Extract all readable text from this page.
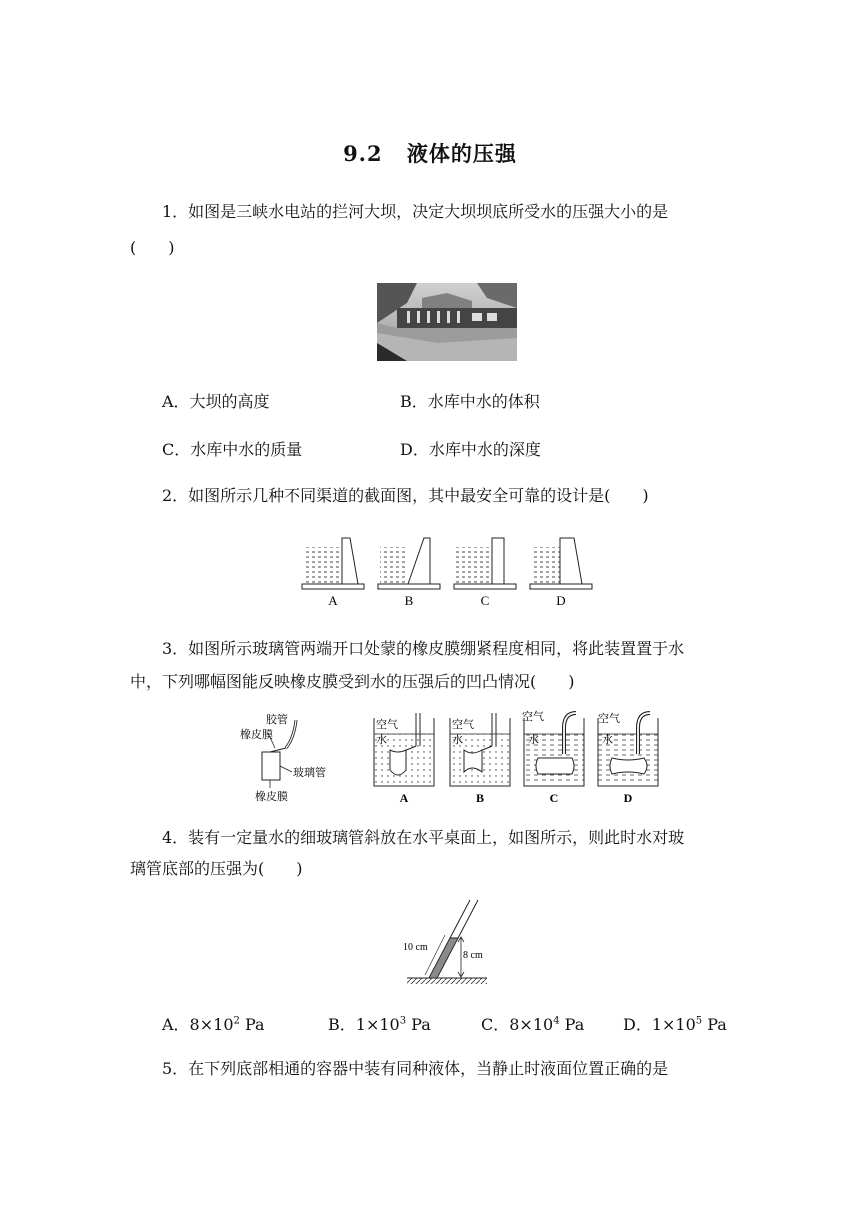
9.2 液体的压强
1．如图是三峡水电站的拦河大坝，决定大坝坝底所受水的压强大小的是
(　　)
A．大坝的高度	B．水库中水的体积
C．水库中水的质量	D．水库中水的深度
2．如图所示几种不同渠道的截面图，其中最安全可靠的设计是(　　)
A	B	C	D
3．如图所示玻璃管两端开口处蒙的橡皮膜绷紧程度相同，将此装置置于水
中，下列哪幅图能反映橡皮膜受到水的压强后的凹凸情况(　　)
胶管
橡皮膜
玻璃管
橡皮膜
空气
水
空气
水
空气
水
空气
水
A	B	C	D
4．装有一定量水的细玻璃管斜放在水平桌面上，如图所示，则此时水对玻
璃管底部的压强为(　　)
8 cm
10 cm
A．$8\times 10^2$ Pa	B．$1\times 10^3$ Pa	C．$8\times 10^4$ Pa D．$1\times 10^5$ Pa
5．在下列底部相通的容器中装有同种液体，当静止时液面位置正确的是
